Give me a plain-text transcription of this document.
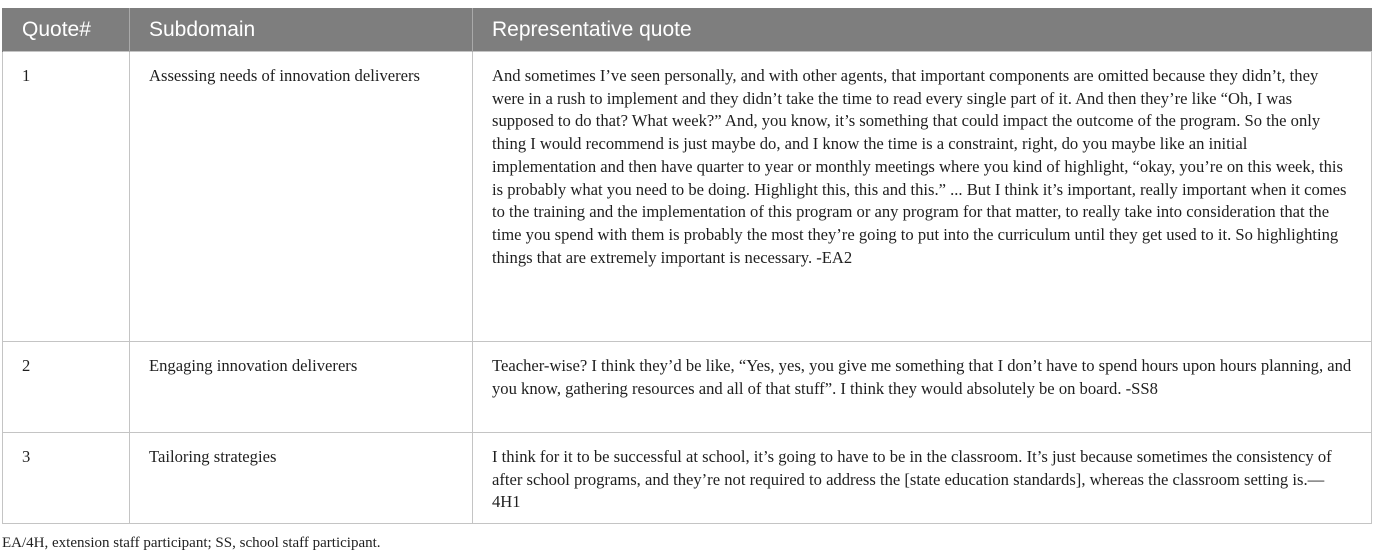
Quote#	Subdomain	Representative quote
1	Assessing needs of innovation deliverers	And sometimes I’ve seen personally, and with other agents, that important components are omitted because they didn’t, they were in a rush to implement and they didn’t take the time to read every single part of it. And then they’re like “Oh, I was supposed to do that? What week?” And, you know, it’s something that could impact the outcome of the program. So the only thing I would recommend is just maybe do, and I know the time is a constraint, right, do you maybe like an initial implementation and then have quarter to year or monthly meetings where you kind of highlight, “okay, you’re on this week, this is probably what you need to be doing. Highlight this, this and this.” ... But I think it’s important, really important when it comes to the training and the implementation of this program or any program for that matter, to really take into consideration that the time you spend with them is probably the most they’re going to put into the curriculum until they get used to it. So highlighting things that are extremely important is necessary. -EA2
2	Engaging innovation deliverers	Teacher-wise? I think they’d be like, “Yes, yes, you give me something that I don’t have to spend hours upon hours planning, and you know, gathering resources and all of that stuff”. I think they would absolutely be on board. -SS8
3	Tailoring strategies	I think for it to be successful at school, it’s going to have to be in the classroom. It’s just because sometimes the consistency of after school programs, and they’re not required to address the [state education standards], whereas the classroom setting is.—4H1
EA/4H, extension staff participant; SS, school staff participant.
